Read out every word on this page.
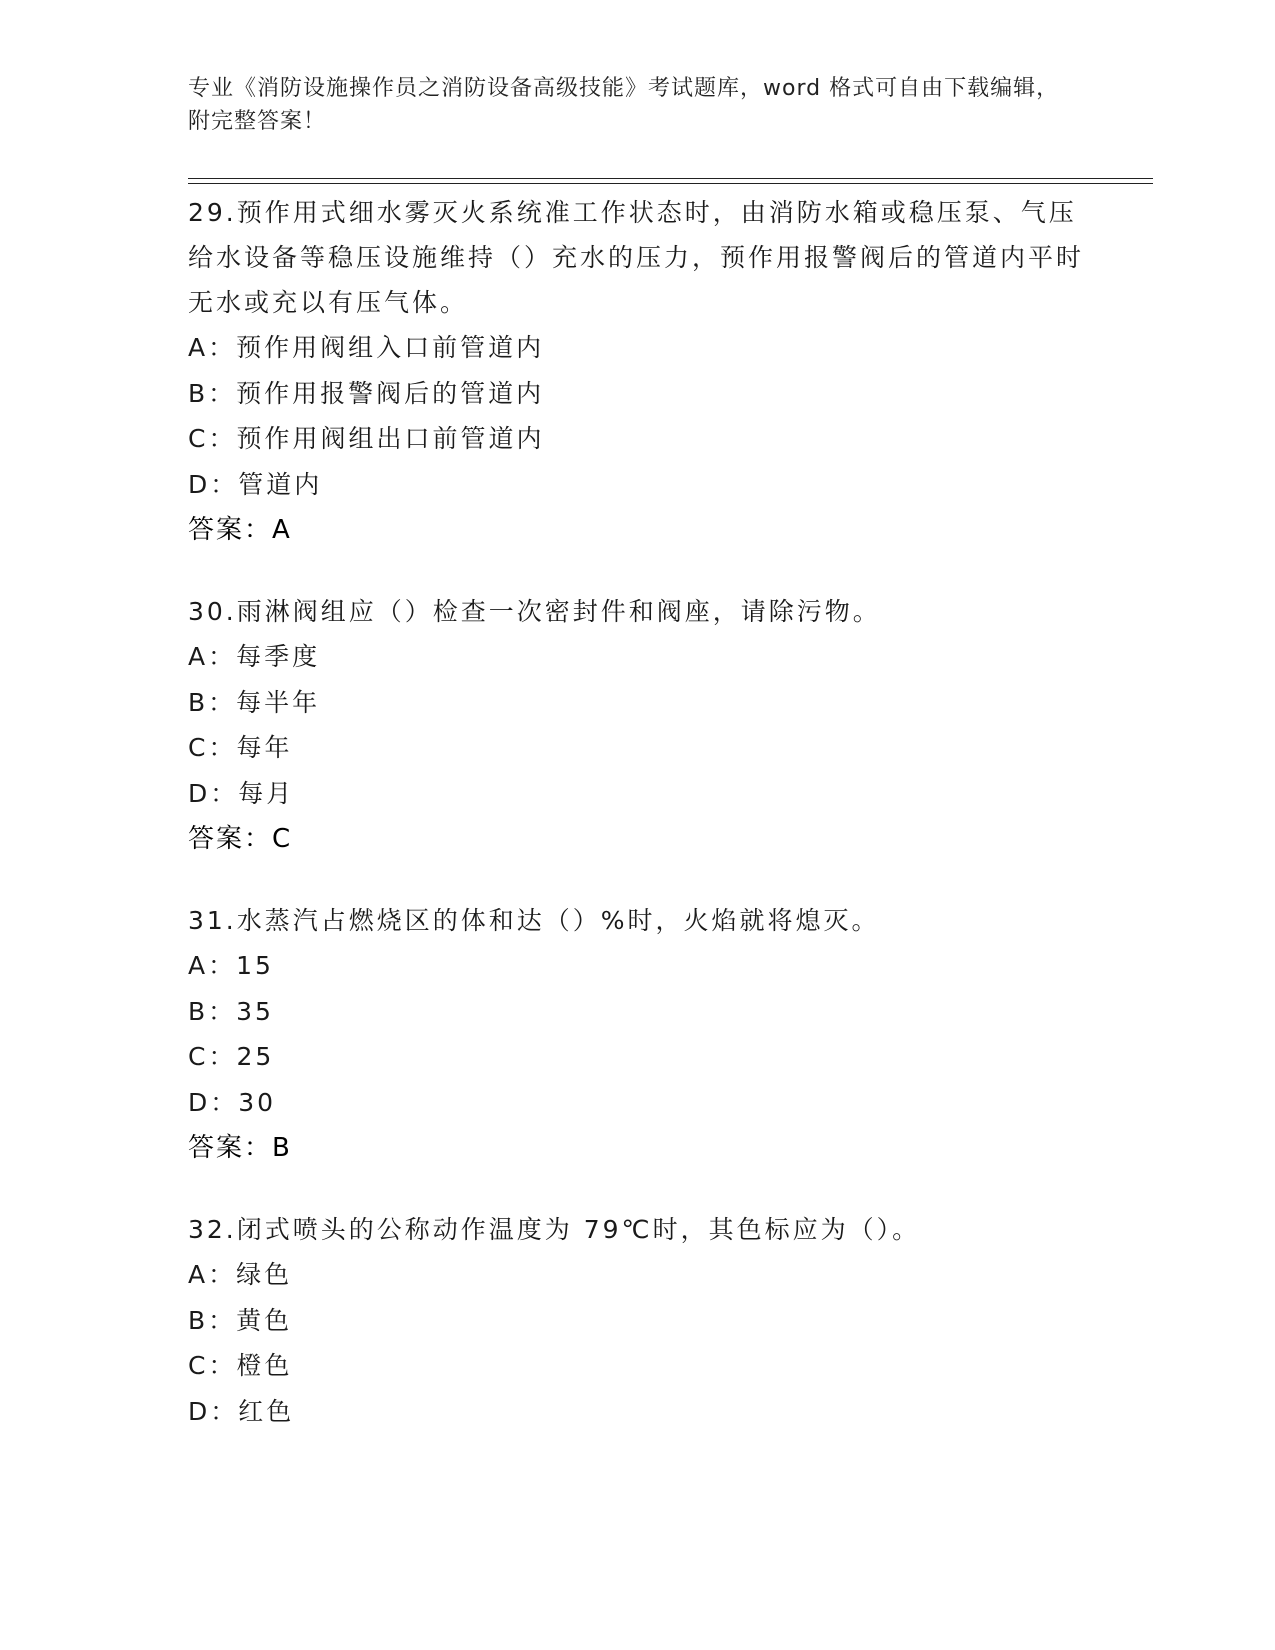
专业《消防设施操作员之消防设备高级技能》考试题库，word 格式可自由下载编辑，附完整答案！
29.预作用式细水雾灭火系统准工作状态时，由消防水箱或稳压泵、气压给水设备等稳压设施维持（）充水的压力，预作用报警阀后的管道内平时无水或充以有压气体。
A：预作用阀组入口前管道内
B：预作用报警阀后的管道内
C：预作用阀组出口前管道内
D：管道内
答案：A
30.雨淋阀组应（）检查一次密封件和阀座，请除污物。
A：每季度
B：每半年
C：每年
D：每月
答案：C
31.水蒸汽占燃烧区的体和达（）%时，火焰就将熄灭。
A：15
B：35
C：25
D：30
答案：B
32.闭式喷头的公称动作温度为 79℃时，其色标应为（）。
A：绿色
B：黄色
C：橙色
D：红色
